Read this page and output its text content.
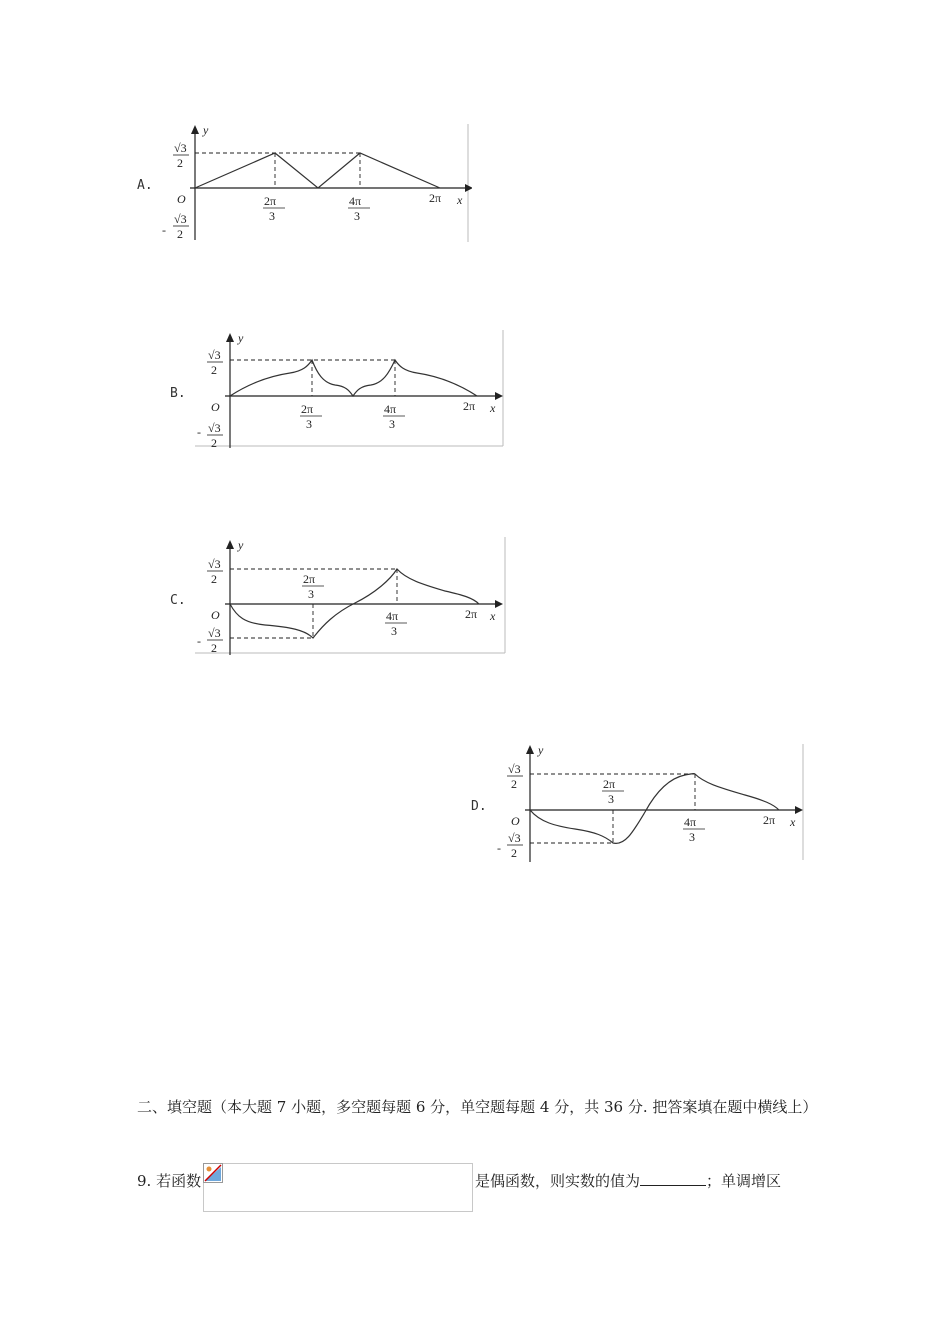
A.
y
√3
2
O
-
√3
2
2π
3
4π
3
2π x
B.
y
√3
2
O
- √3
2
2π
3
4π
3
2π x
C.
y
√3
2
O
-
√3
2
2π
3
4π
3
2π x
D.
y
√3
2
O
-
√3
2
2π
3
4π
3
2π x
二、填空题（本大题 7 小题，多空题每题 6 分，单空题每题 4 分，共 36 分. 把答案填在题中横线上）
9. 若函数	是偶函数，则实数的值为	；单调增区
